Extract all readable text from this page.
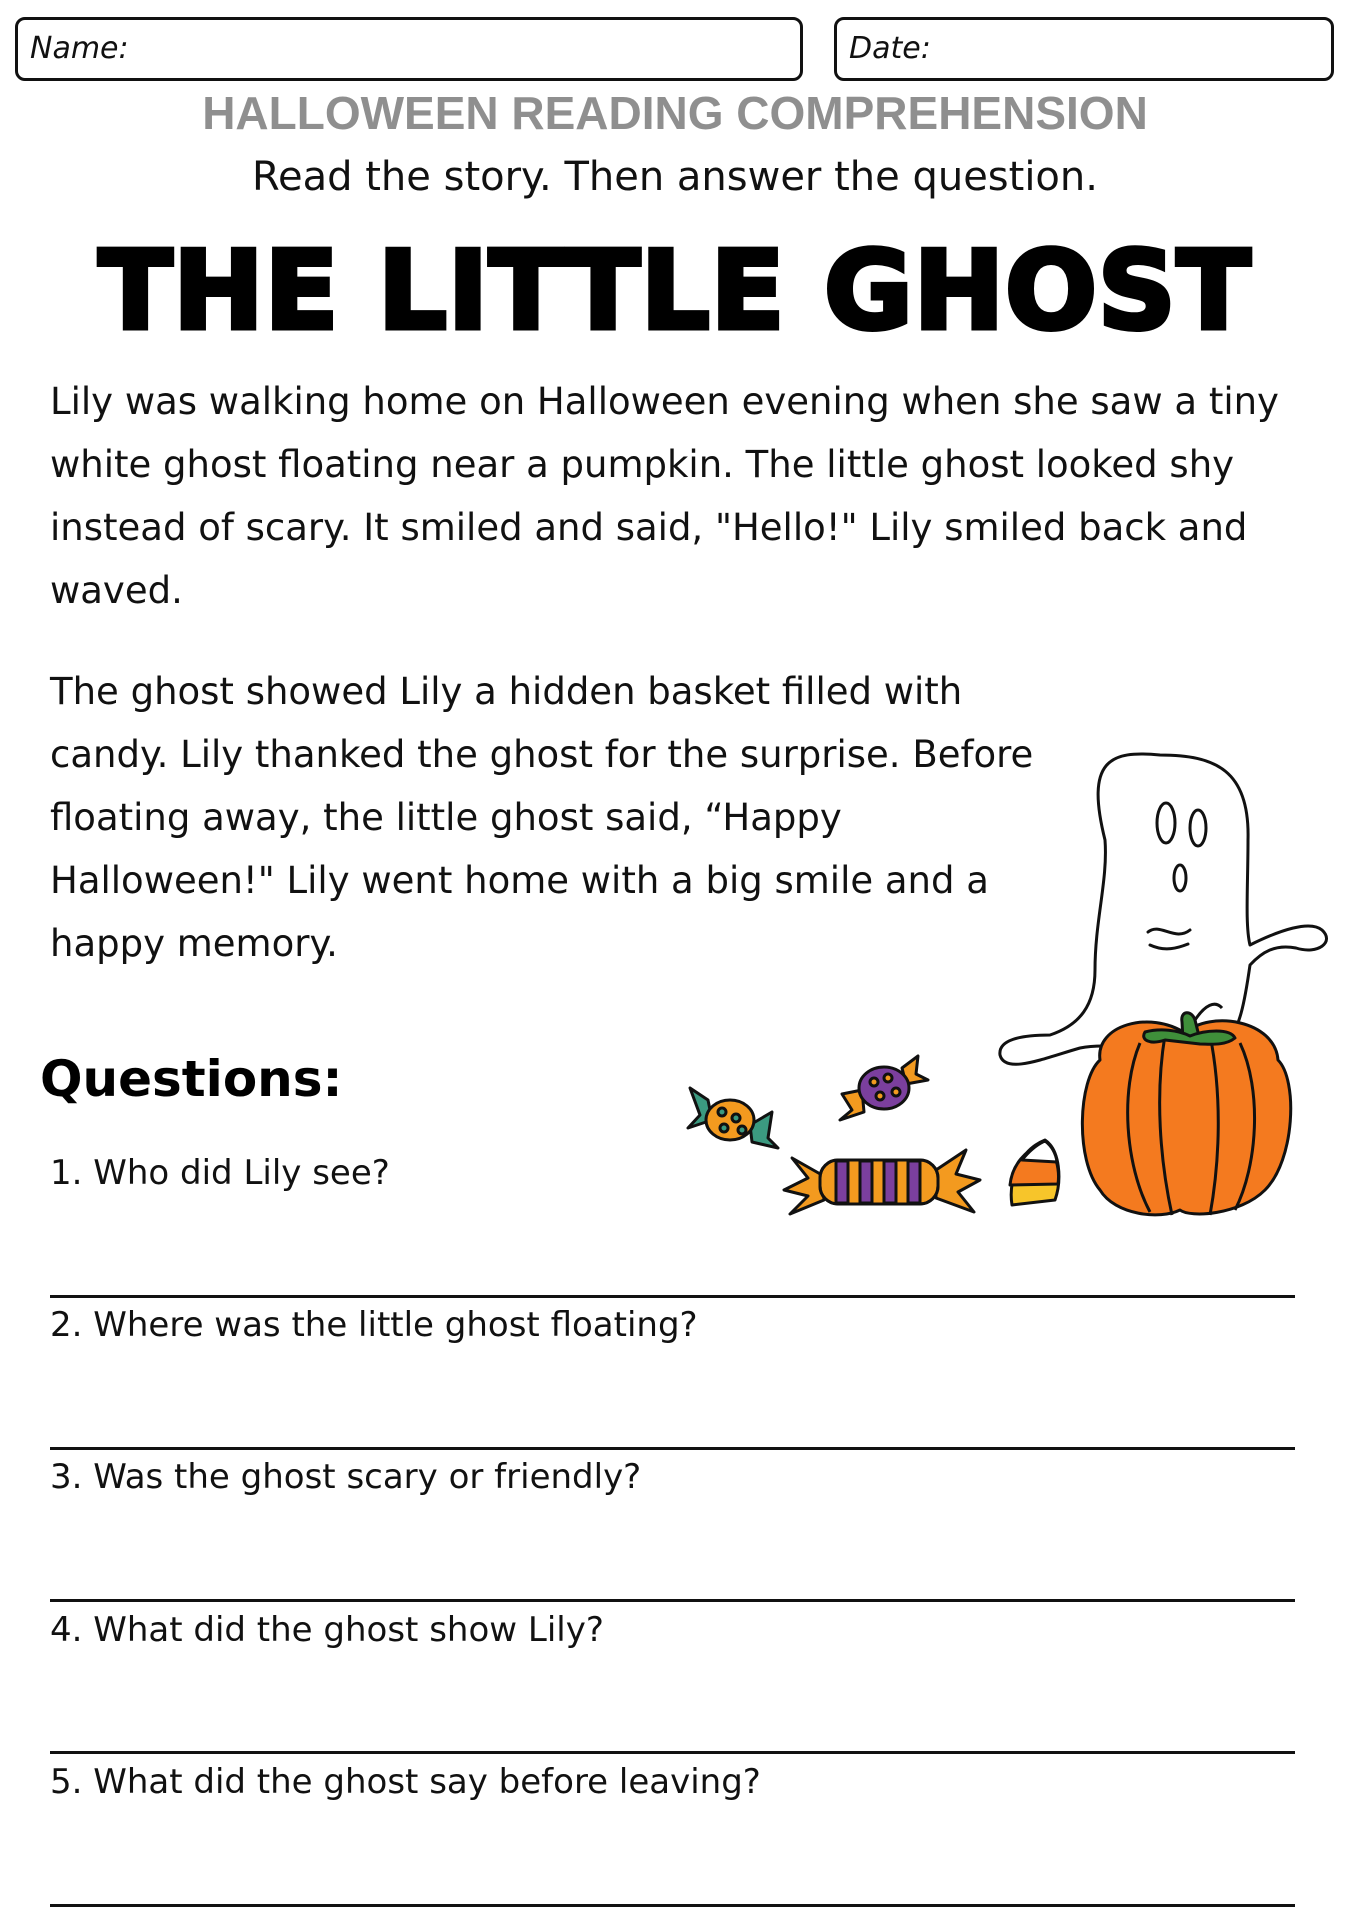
Name:	Date:
HALLOWEEN READING COMPREHENSION
Read the story. Then answer the question.
THE LITTLE GHOST

Lily was walking home on Halloween evening when she saw a tiny white ghost floating near a pumpkin. The little ghost looked shy instead of scary. It smiled and said, "Hello!" Lily smiled back and waved.

The ghost showed Lily a hidden basket filled with candy. Lily thanked the ghost for the surprise. Before floating away, the little ghost said, “Happy Halloween!" Lily went home with a big smile and a happy memory.

Questions:
1. Who did Lily see?
2. Where was the little ghost floating?
3. Was the ghost scary or friendly?
4. What did the ghost show Lily?
5. What did the ghost say before leaving?
